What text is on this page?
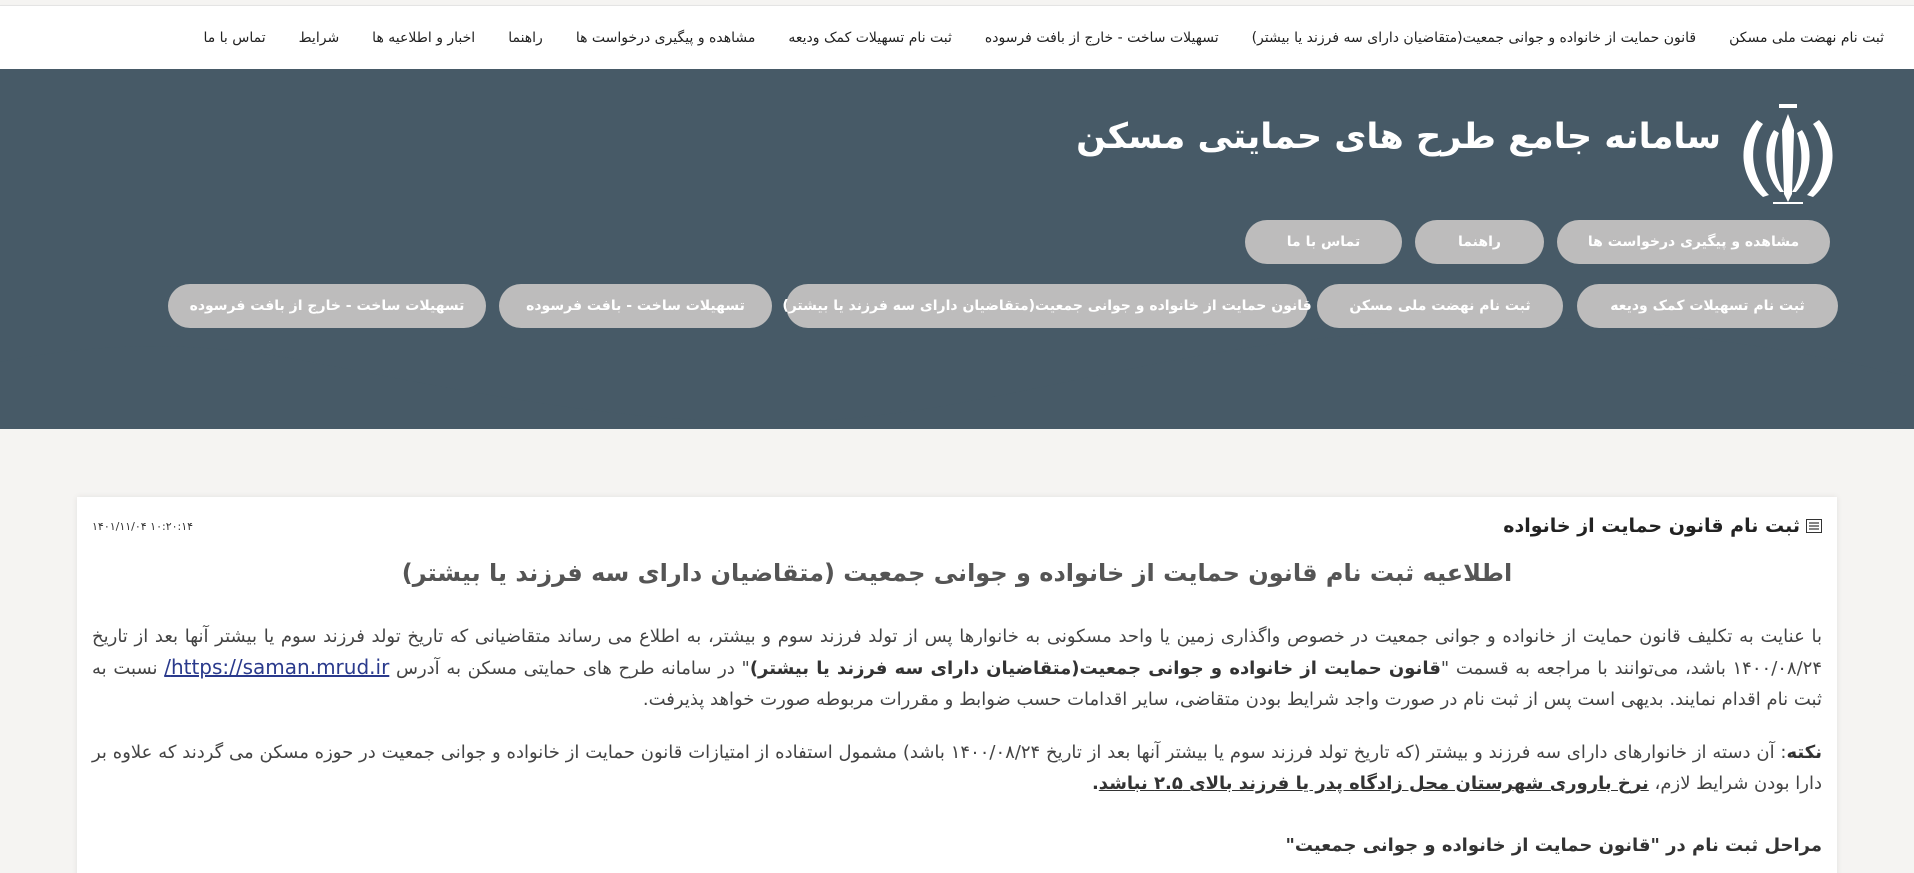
ثبت نام نهضت ملی مسکن
قانون حمایت از خانواده و جوانی جمعیت(متقاضیان دارای سه فرزند یا بیشتر)
تسهیلات ساخت - خارج از بافت فرسوده
ثبت نام تسهیلات کمک ودیعه
مشاهده و پیگیری درخواست ها
راهنما
اخبار و اطلاعیه ها
شرایط
تماس با ما
سامانه جامع طرح های حمایتی مسکن
مشاهده و پیگیری درخواست ها
راهنما
تماس با ما
ثبت نام تسهیلات کمک ودیعه
ثبت نام نهضت ملی مسکن
قانون حمایت از خانواده و جوانی جمعیت(متقاضیان دارای سه فرزند یا بیشتر)
تسهیلات ساخت - بافت فرسوده
تسهیلات ساخت - خارج از بافت فرسوده
ثبت نام قانون حمایت از خانواده
۱۴۰۱/۱۱/۰۴ ۱۰:۲۰:۱۴
اطلاعیه ثبت نام قانون حمایت از خانواده و جوانی جمعیت (متقاضیان دارای سه فرزند یا بیشتر)

با عنایت به تکلیف قانون حمایت از خانواده و جوانی جمعیت در خصوص واگذاری زمین یا واحد مسکونی به خانوارها پس از تولد فرزند سوم و بیشتر، به اطلاع می رساند متقاضیانی که تاریخ تولد فرزند سوم یا بیشتر آنها بعد از تاریخ ۱۴۰۰/۰۸/۲۴ باشد، می‌توانند با مراجعه به قسمت "قانون حمایت از خانواده و جوانی جمعیت(متقاضیان دارای سه فرزند یا بیشتر)" در سامانه طرح های حمایتی مسکن به آدرس https://saman.mrud.ir/ نسبت به ثبت نام اقدام نمایند. بدیهی است پس از ثبت نام در صورت واجد شرایط بودن متقاضی، سایر اقدامات حسب ضوابط و مقررات مربوطه صورت خواهد پذیرفت.

نکته: آن دسته از خانوارهای دارای سه فرزند و بیشتر (که تاریخ تولد فرزند سوم یا بیشتر آنها بعد از تاریخ ۱۴۰۰/۰۸/۲۴ باشد) مشمول استفاده از امتیازات قانون حمایت از خانواده و جوانی جمعیت در حوزه مسکن می گردند که علاوه بر دارا بودن شرایط لازم، نرخ باروری شهرستان محل زادگاه پدر یا فرزند بالای ۲.۵ نباشد.

مراحل ثبت نام در "قانون حمایت از خانواده و جوانی جمعیت"
